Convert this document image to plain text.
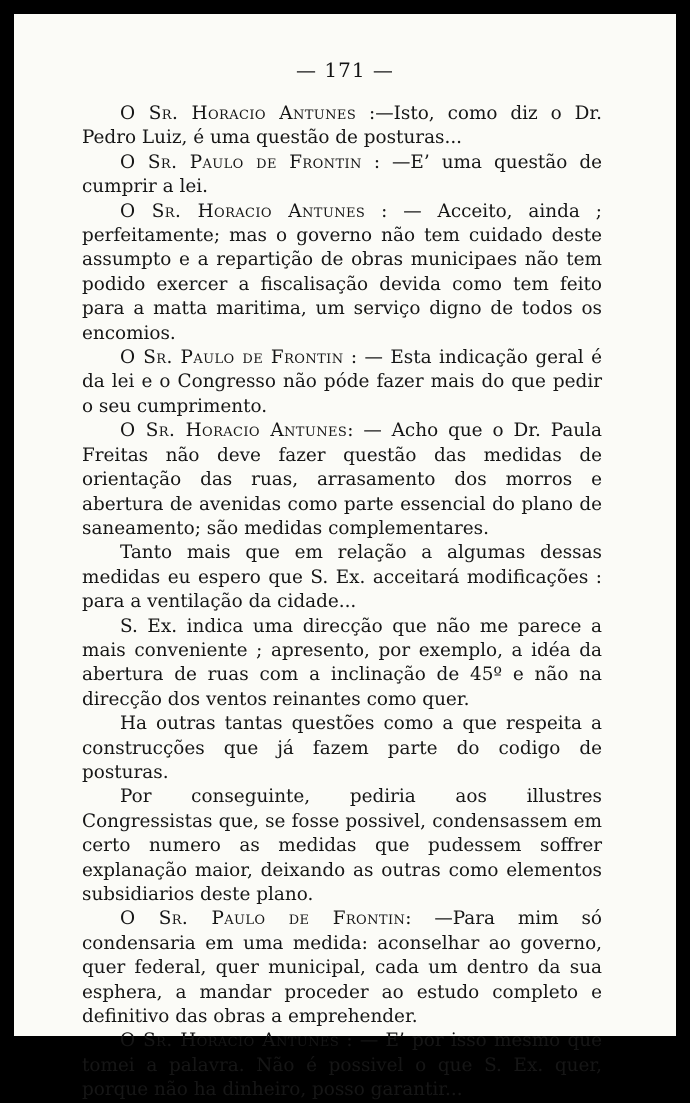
— 171 —

O Sr. Horacio Antunes :—Isto, como diz o Dr. Pedro Luiz, é uma questão de posturas...

O Sr. Paulo de Frontin : —E’ uma questão de cumprir a lei.

O Sr. Horacio Antunes : — Acceito, ainda ; perfeitamente; mas o governo não tem cuidado deste assumpto e a repartição de obras municipaes não tem podido exercer a fiscalisação devida como tem feito para a matta maritima, um serviço digno de todos os encomios.

O Sr. Paulo de Frontin : — Esta indicação geral é da lei e o Congresso não póde fazer mais do que pedir o seu cumprimento.

O Sr. Horacio Antunes: — Acho que o Dr. Paula Freitas não deve fazer questão das medidas de orientação das ruas, arrasamento dos morros e abertura de avenidas como parte essencial do plano de saneamento; são medidas complementares.

Tanto mais que em relação a algumas dessas medidas eu espero que S. Ex. acceitará modificações : para a ventilação da cidade...

S. Ex. indica uma direcção que não me parece a mais conveniente ; apresento, por exemplo, a idéa da abertura de ruas com a inclinação de 45º e não na direcção dos ventos reinantes como quer.

Ha outras tantas questões como a que respeita a construcções que já fazem parte do codigo de posturas.

Por conseguinte, pediria aos illustres Congressistas que, se fosse possivel, condensassem em certo numero as medidas que pudessem soffrer explanação maior, deixando as outras como elementos subsidiarios deste plano.

O Sr. Paulo de Frontin: —Para mim só condensaria em uma medida: aconselhar ao governo, quer federal, quer municipal, cada um dentro da sua esphera, a mandar proceder ao estudo completo e definitivo das obras a emprehender.

O Sr. Horacio Antunes : — E’ por isso mesmo que tomei a palavra. Não é possivel o que S. Ex. quer, porque não ha dinheiro, posso garantir...
